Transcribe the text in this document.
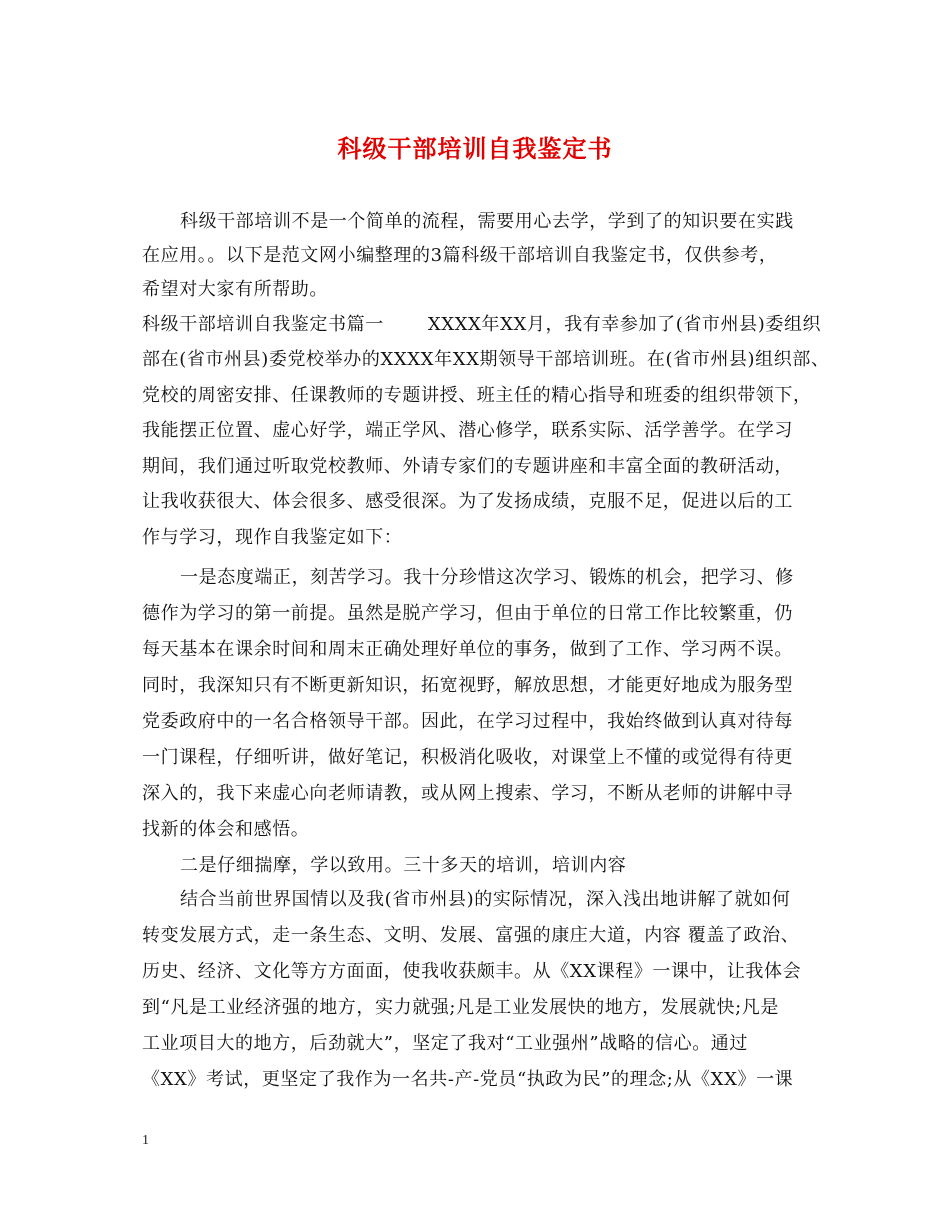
科级干部培训自我鉴定书
科级干部培训不是一个简单的流程，需要用心去学，学到了的知识要在实践
在应用。。以下是范文网小编整理的3篇科级干部培训自我鉴定书，仅供参考，
希望对大家有所帮助。
科级干部培训自我鉴定书篇一 XXXX年XX月，我有幸参加了(省市州县)委组织
部在(省市州县)委党校举办的XXXX年XX期领导干部培训班。在(省市州县)组织部、
党校的周密安排、任课教师的专题讲授、班主任的精心指导和班委的组织带领下，
我能摆正位置、虚心好学，端正学风、潜心修学，联系实际、活学善学。在学习
期间，我们通过听取党校教师、外请专家们的专题讲座和丰富全面的教研活动，
让我收获很大、体会很多、感受很深。为了发扬成绩，克服不足，促进以后的工
作与学习，现作自我鉴定如下：
一是态度端正，刻苦学习。我十分珍惜这次学习、锻炼的机会，把学习、修
德作为学习的第一前提。虽然是脱产学习，但由于单位的日常工作比较繁重，仍
每天基本在课余时间和周末正确处理好单位的事务，做到了工作、学习两不误。
同时，我深知只有不断更新知识，拓宽视野，解放思想，才能更好地成为服务型
党委政府中的一名合格领导干部。因此，在学习过程中，我始终做到认真对待每
一门课程，仔细听讲，做好笔记，积极消化吸收，对课堂上不懂的或觉得有待更
深入的，我下来虚心向老师请教，或从网上搜索、学习，不断从老师的讲解中寻
找新的体会和感悟。
二是仔细揣摩，学以致用。三十多天的培训，培训内容
结合当前世界国情以及我(省市州县)的实际情况，深入浅出地讲解了就如何
转变发展方式，走一条生态、文明、发展、富强的康庄大道，内容 覆盖了政治、
历史、经济、文化等方方面面，使我收获颇丰。从《XX课程》一课中，让我体会
到“凡是工业经济强的地方，实力就强;凡是工业发展快的地方，发展就快;凡是
工业项目大的地方，后劲就大”，坚定了我对“工业强州”战略的信心。通过
《XX》考试，更坚定了我作为一名共-产-党员“执政为民”的理念;从《XX》一课
1
